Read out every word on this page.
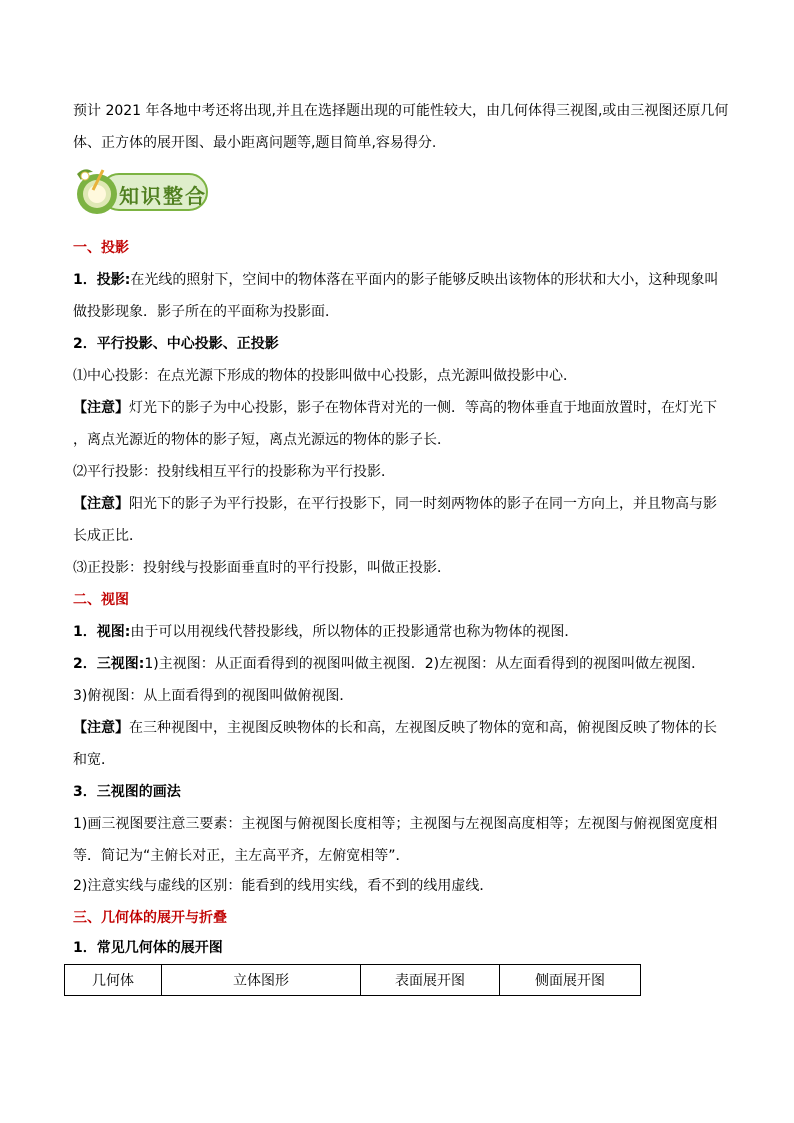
预计 2021 年各地中考还将出现,并且在选择题出现的可能性较大，由几何体得三视图,或由三视图还原几何
体、正方体的展开图、最小距离问题等,题目简单,容易得分.
知识整合
一、投影
1．投影:在光线的照射下，空间中的物体落在平面内的影子能够反映出该物体的形状和大小，这种现象叫
做投影现象．影子所在的平面称为投影面．
2．平行投影、中心投影、正投影
⑴中心投影：在点光源下形成的物体的投影叫做中心投影，点光源叫做投影中心．
【注意】灯光下的影子为中心投影，影子在物体背对光的一侧．等高的物体垂直于地面放置时，在灯光下
，离点光源近的物体的影子短，离点光源远的物体的影子长．
⑵平行投影：投射线相互平行的投影称为平行投影．
【注意】阳光下的影子为平行投影，在平行投影下，同一时刻两物体的影子在同一方向上，并且物高与影
长成正比．
⑶正投影：投射线与投影面垂直时的平行投影，叫做正投影．
二、视图
1．视图:由于可以用视线代替投影线，所以物体的正投影通常也称为物体的视图．
2．三视图:1)主视图：从正面看得到的视图叫做主视图．2)左视图：从左面看得到的视图叫做左视图．
3)俯视图：从上面看得到的视图叫做俯视图．
【注意】在三种视图中，主视图反映物体的长和高，左视图反映了物体的宽和高，俯视图反映了物体的长
和宽．
3．三视图的画法
1)画三视图要注意三要素：主视图与俯视图长度相等；主视图与左视图高度相等；左视图与俯视图宽度相
等．简记为“主俯长对正，主左高平齐，左俯宽相等”．
2)注意实线与虚线的区别：能看到的线用实线，看不到的线用虚线．
三、几何体的展开与折叠
1．常见几何体的展开图
几何体	立体图形	表面展开图	侧面展开图
